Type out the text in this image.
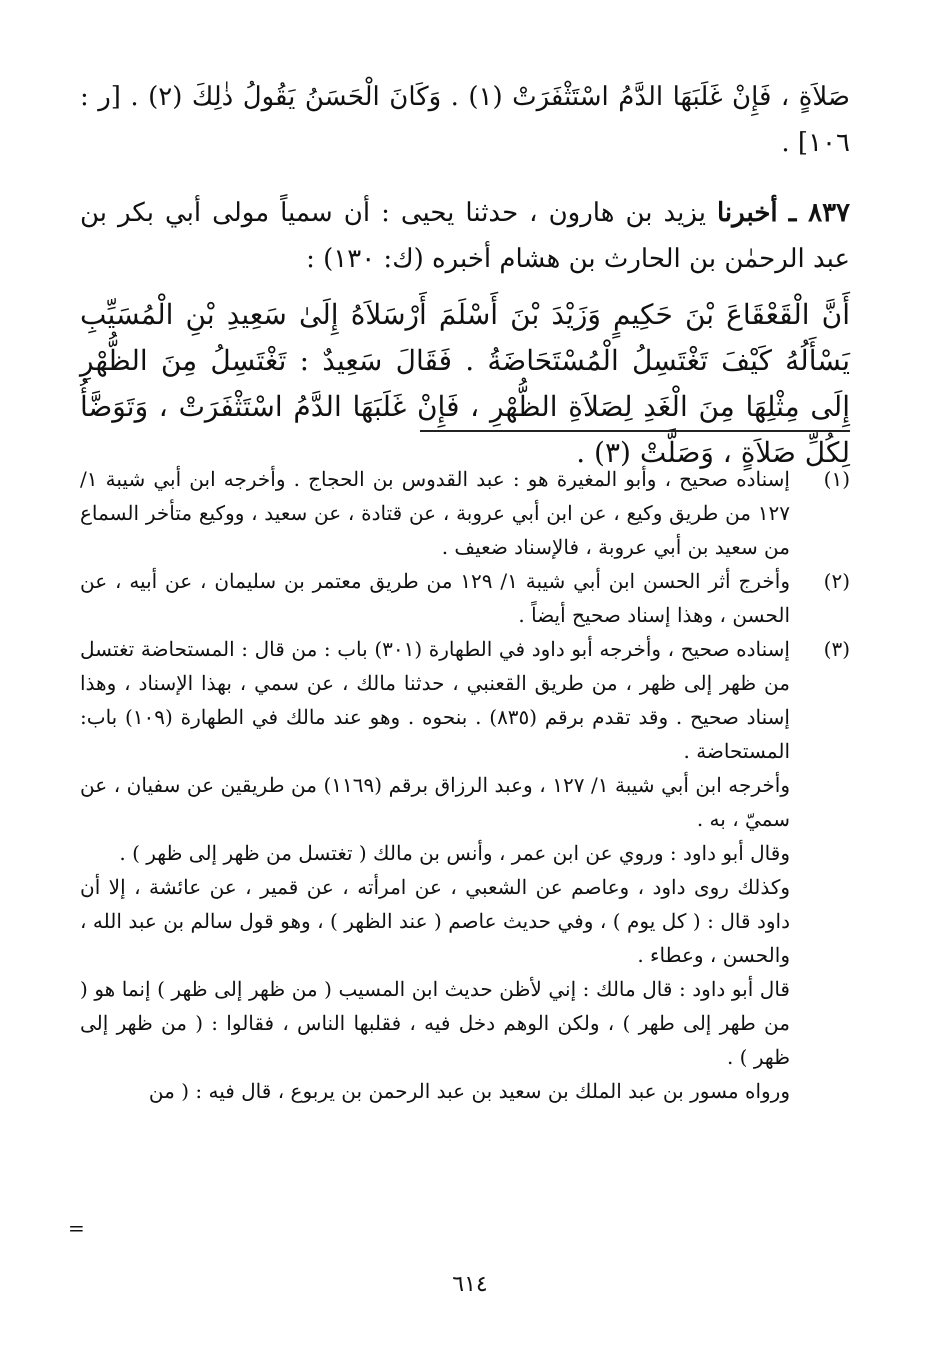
صَلاَةٍ ، فَإِنْ غَلَبَهَا الدَّمُ اسْتَثْفَرَتْ (١) . وَكَانَ الْحَسَنُ يَقُولُ ذٰلِكَ (٢) . [ر : ١٠٦] .

٨٣٧ ـ أخبرنا يزيد بن هارون ، حدثنا يحيى : أن سمياً مولى أبي بكر بن عبد الرحمٰن بن الحارث بن هشام أخبره (ك: ١٣٠) :

أَنَّ الْقَعْقَاعَ بْنَ حَكِيمٍ وَزَيْدَ بْنَ أَسْلَمَ أَرْسَلاَهُ إِلَىٰ سَعِيدِ بْنِ الْمُسَيِّبِ يَسْأَلُهُ كَيْفَ تَغْتَسِلُ الْمُسْتَحَاضَةُ . فَقَالَ سَعِيدٌ : تَغْتَسِلُ مِنَ الظُّهْرِ إِلَى مِثْلِهَا مِنَ الْغَدِ لِصَلاَةِ الظُّهْرِ ، فَإِنْ غَلَبَهَا الدَّمُ اسْتَثْفَرَتْ ، وَتَوَضَّأُ لِكُلِّ صَلاَةٍ ، وَصَلَّتْ (٣) .

(١)

إسناده صحيح ، وأبو المغيرة هو : عبد القدوس بن الحجاج . وأخرجه ابن أبي شيبة ١/ ١٢٧ من طريق وكيع ، عن ابن أبي عروبة ، عن قتادة ، عن سعيد ، ووكيع متأخر السماع من سعيد بن أبي عروبة ، فالإسناد ضعيف .

(٢)

وأخرج أثر الحسن ابن أبي شيبة ١/ ١٢٩ من طريق معتمر بن سليمان ، عن أبيه ، عن الحسن ، وهذا إسناد صحيح أيضاً .

(٣)

إسناده صحيح ، وأخرجه أبو داود في الطهارة (٣٠١) باب : من قال : المستحاضة تغتسل من ظهر إلى ظهر ، من طريق القعنبي ، حدثنا مالك ، عن سمي ، بهذا الإسناد ، وهذا إسناد صحيح . وقد تقدم برقم (٨٣٥) . بنحوه . وهو عند مالك في الطهارة (١٠٩) باب: المستحاضة .

وأخرجه ابن أبي شيبة ١/ ١٢٧ ، وعبد الرزاق برقم (١١٦٩) من طريقين عن سفيان ، عن سميّ ، به .

وقال أبو داود : وروي عن ابن عمر ، وأنس بن مالك ( تغتسل من ظهر إلى ظهر ) .

وكذلك روى داود ، وعاصم عن الشعبي ، عن امرأته ، عن قمير ، عن عائشة ، إلا أن داود قال : ( كل يوم ) ، وفي حديث عاصم ( عند الظهر ) ، وهو قول سالم بن عبد الله ، والحسن ، وعطاء .

قال أبو داود : قال مالك : إني لأظن حديث ابن المسيب ( من ظهر إلى ظهر ) إنما هو ( من طهر إلى طهر ) ، ولكن الوهم دخل فيه ، فقلبها الناس ، فقالوا : ( من ظهر إلى ظهر ) .

ورواه مسور بن عبد الملك بن سعيد بن عبد الرحمن بن يربوع ، قال فيه : ( من

=
٦١٤
